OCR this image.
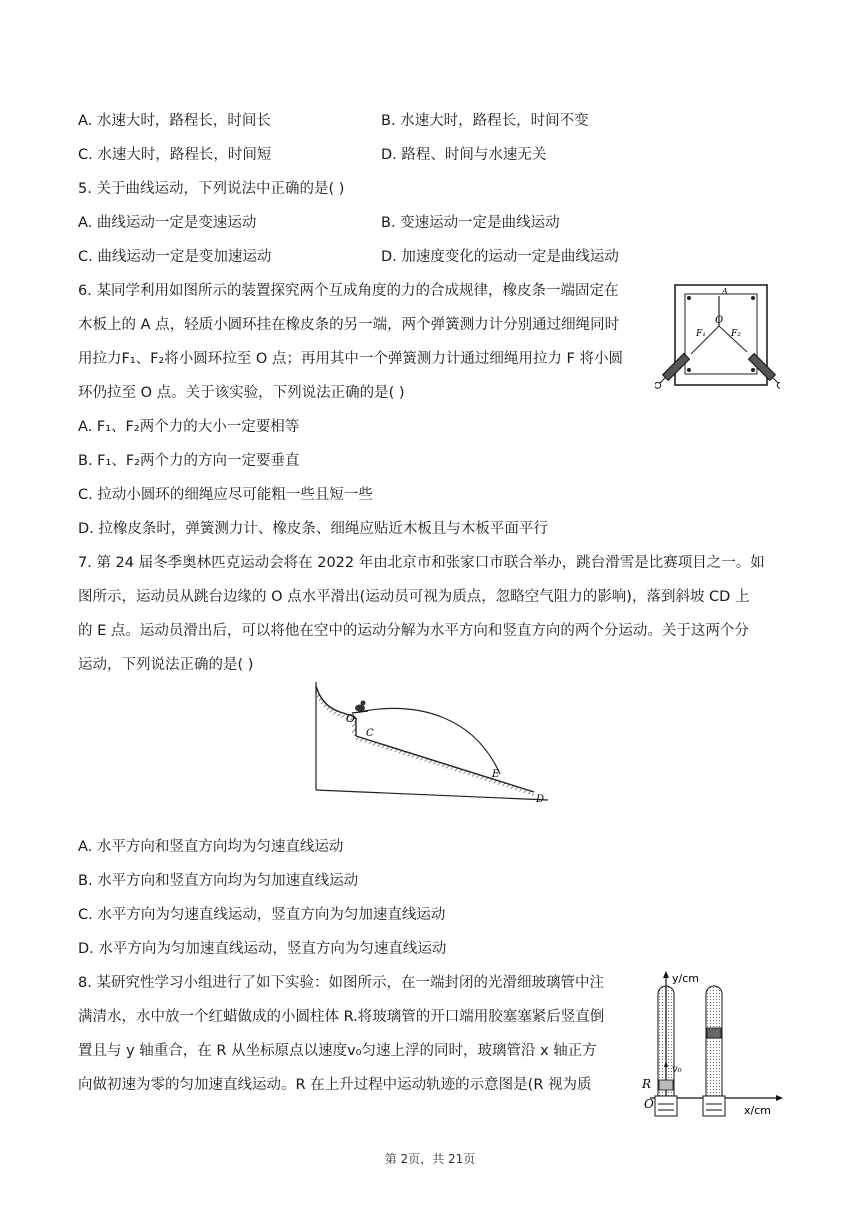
A. 水速大时，路程长，时间长	B. 水速大时，路程长，时间不变
C. 水速大时，路程长，时间短	D. 路程、时间与水速无关
5. 关于曲线运动，下列说法中正确的是( )
A. 曲线运动一定是变速运动	B. 变速运动一定是曲线运动
C. 曲线运动一定是变加速运动	D. 加速度变化的运动一定是曲线运动
6. 某同学利用如图所示的装置探究两个互成角度的力的合成规律，橡皮条一端固定在
木板上的 A 点，轻质小圆环挂在橡皮条的另一端，两个弹簧测力计分别通过细绳同时
用拉力F₁、F₂将小圆环拉至 O 点；再用其中一个弹簧测力计通过细绳用拉力 F 将小圆
环仍拉至 O 点。关于该实验，下列说法正确的是( )
A. F₁、F₂两个力的大小一定要相等
B. F₁、F₂两个力的方向一定要垂直
C. 拉动小圆环的细绳应尽可能粗一些且短一些
D. 拉橡皮条时，弹簧测力计、橡皮条、细绳应贴近木板且与木板平面平行
A
O
F₁	F₂
7. 第 24 届冬季奥林匹克运动会将在 2022 年由北京市和张家口市联合举办，跳台滑雪是比赛项目之一。如
图所示，运动员从跳台边缘的 O 点水平滑出(运动员可视为质点，忽略空气阻力的影响)，落到斜坡 CD 上
的 E 点。运动员滑出后，可以将他在空中的运动分解为水平方向和竖直方向的两个分运动。关于这两个分
运动，下列说法正确的是( )
O
C
E
D
A. 水平方向和竖直方向均为匀速直线运动
B. 水平方向和竖直方向均为匀加速直线运动
C. 水平方向为匀速直线运动，竖直方向为匀加速直线运动
D. 水平方向为匀加速直线运动，竖直方向为匀速直线运动
8. 某研究性学习小组进行了如下实验：如图所示，在一端封闭的光滑细玻璃管中注
满清水，水中放一个红蜡做成的小圆柱体 R.将玻璃管的开口端用胶塞塞紧后竖直倒
置且与 y 轴重合，在 R 从坐标原点以速度v₀匀速上浮的同时，玻璃管沿 x 轴正方
向做初速为零的匀加速直线运动。R 在上升过程中运动轨迹的示意图是(R 视为质
y/cm
x/cm
R
O
v₀
第 2页，共 21页
